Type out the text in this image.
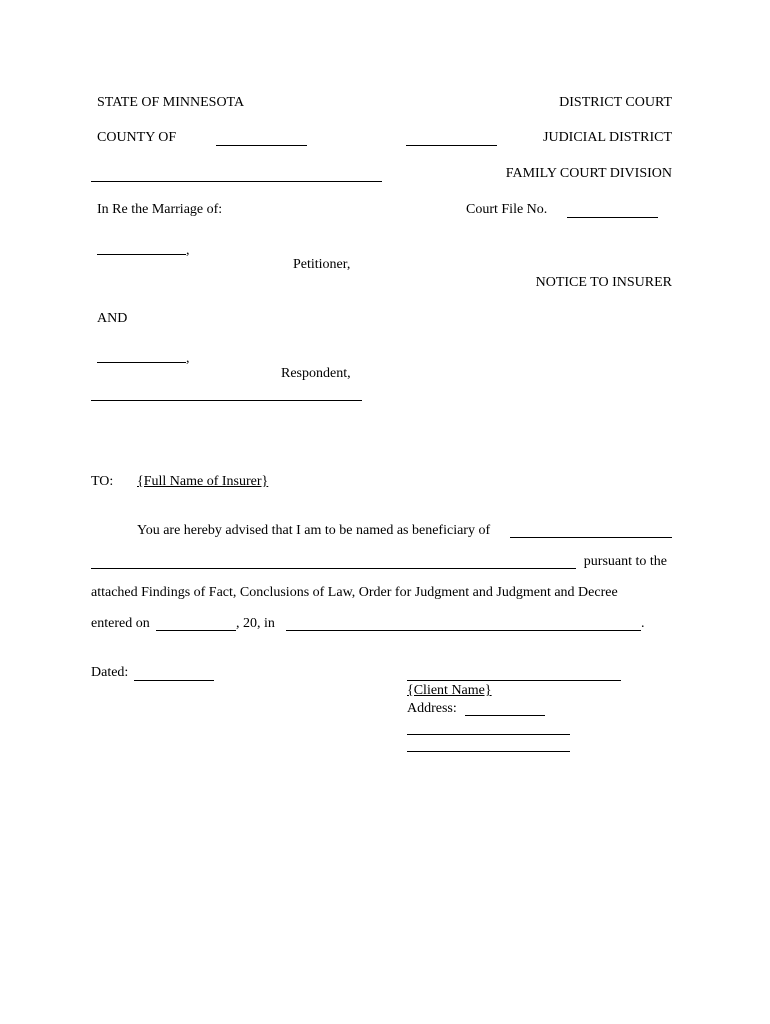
STATE OF MINNESOTA	DISTRICT COURT
COUNTY OF	JUDICIAL DISTRICT
FAMILY COURT DIVISION
In Re the Marriage of:	Court File No.
,
Petitioner,
NOTICE TO INSURER
AND
,
Respondent,
TO: {Full Name of Insurer}
You are hereby advised that I am to be named as beneficiary of
pursuant to the
attached Findings of Fact, Conclusions of Law, Order for Judgment and Judgment and Decree
entered on	, 20, in	.
Dated:
{Client Name}
Address:
